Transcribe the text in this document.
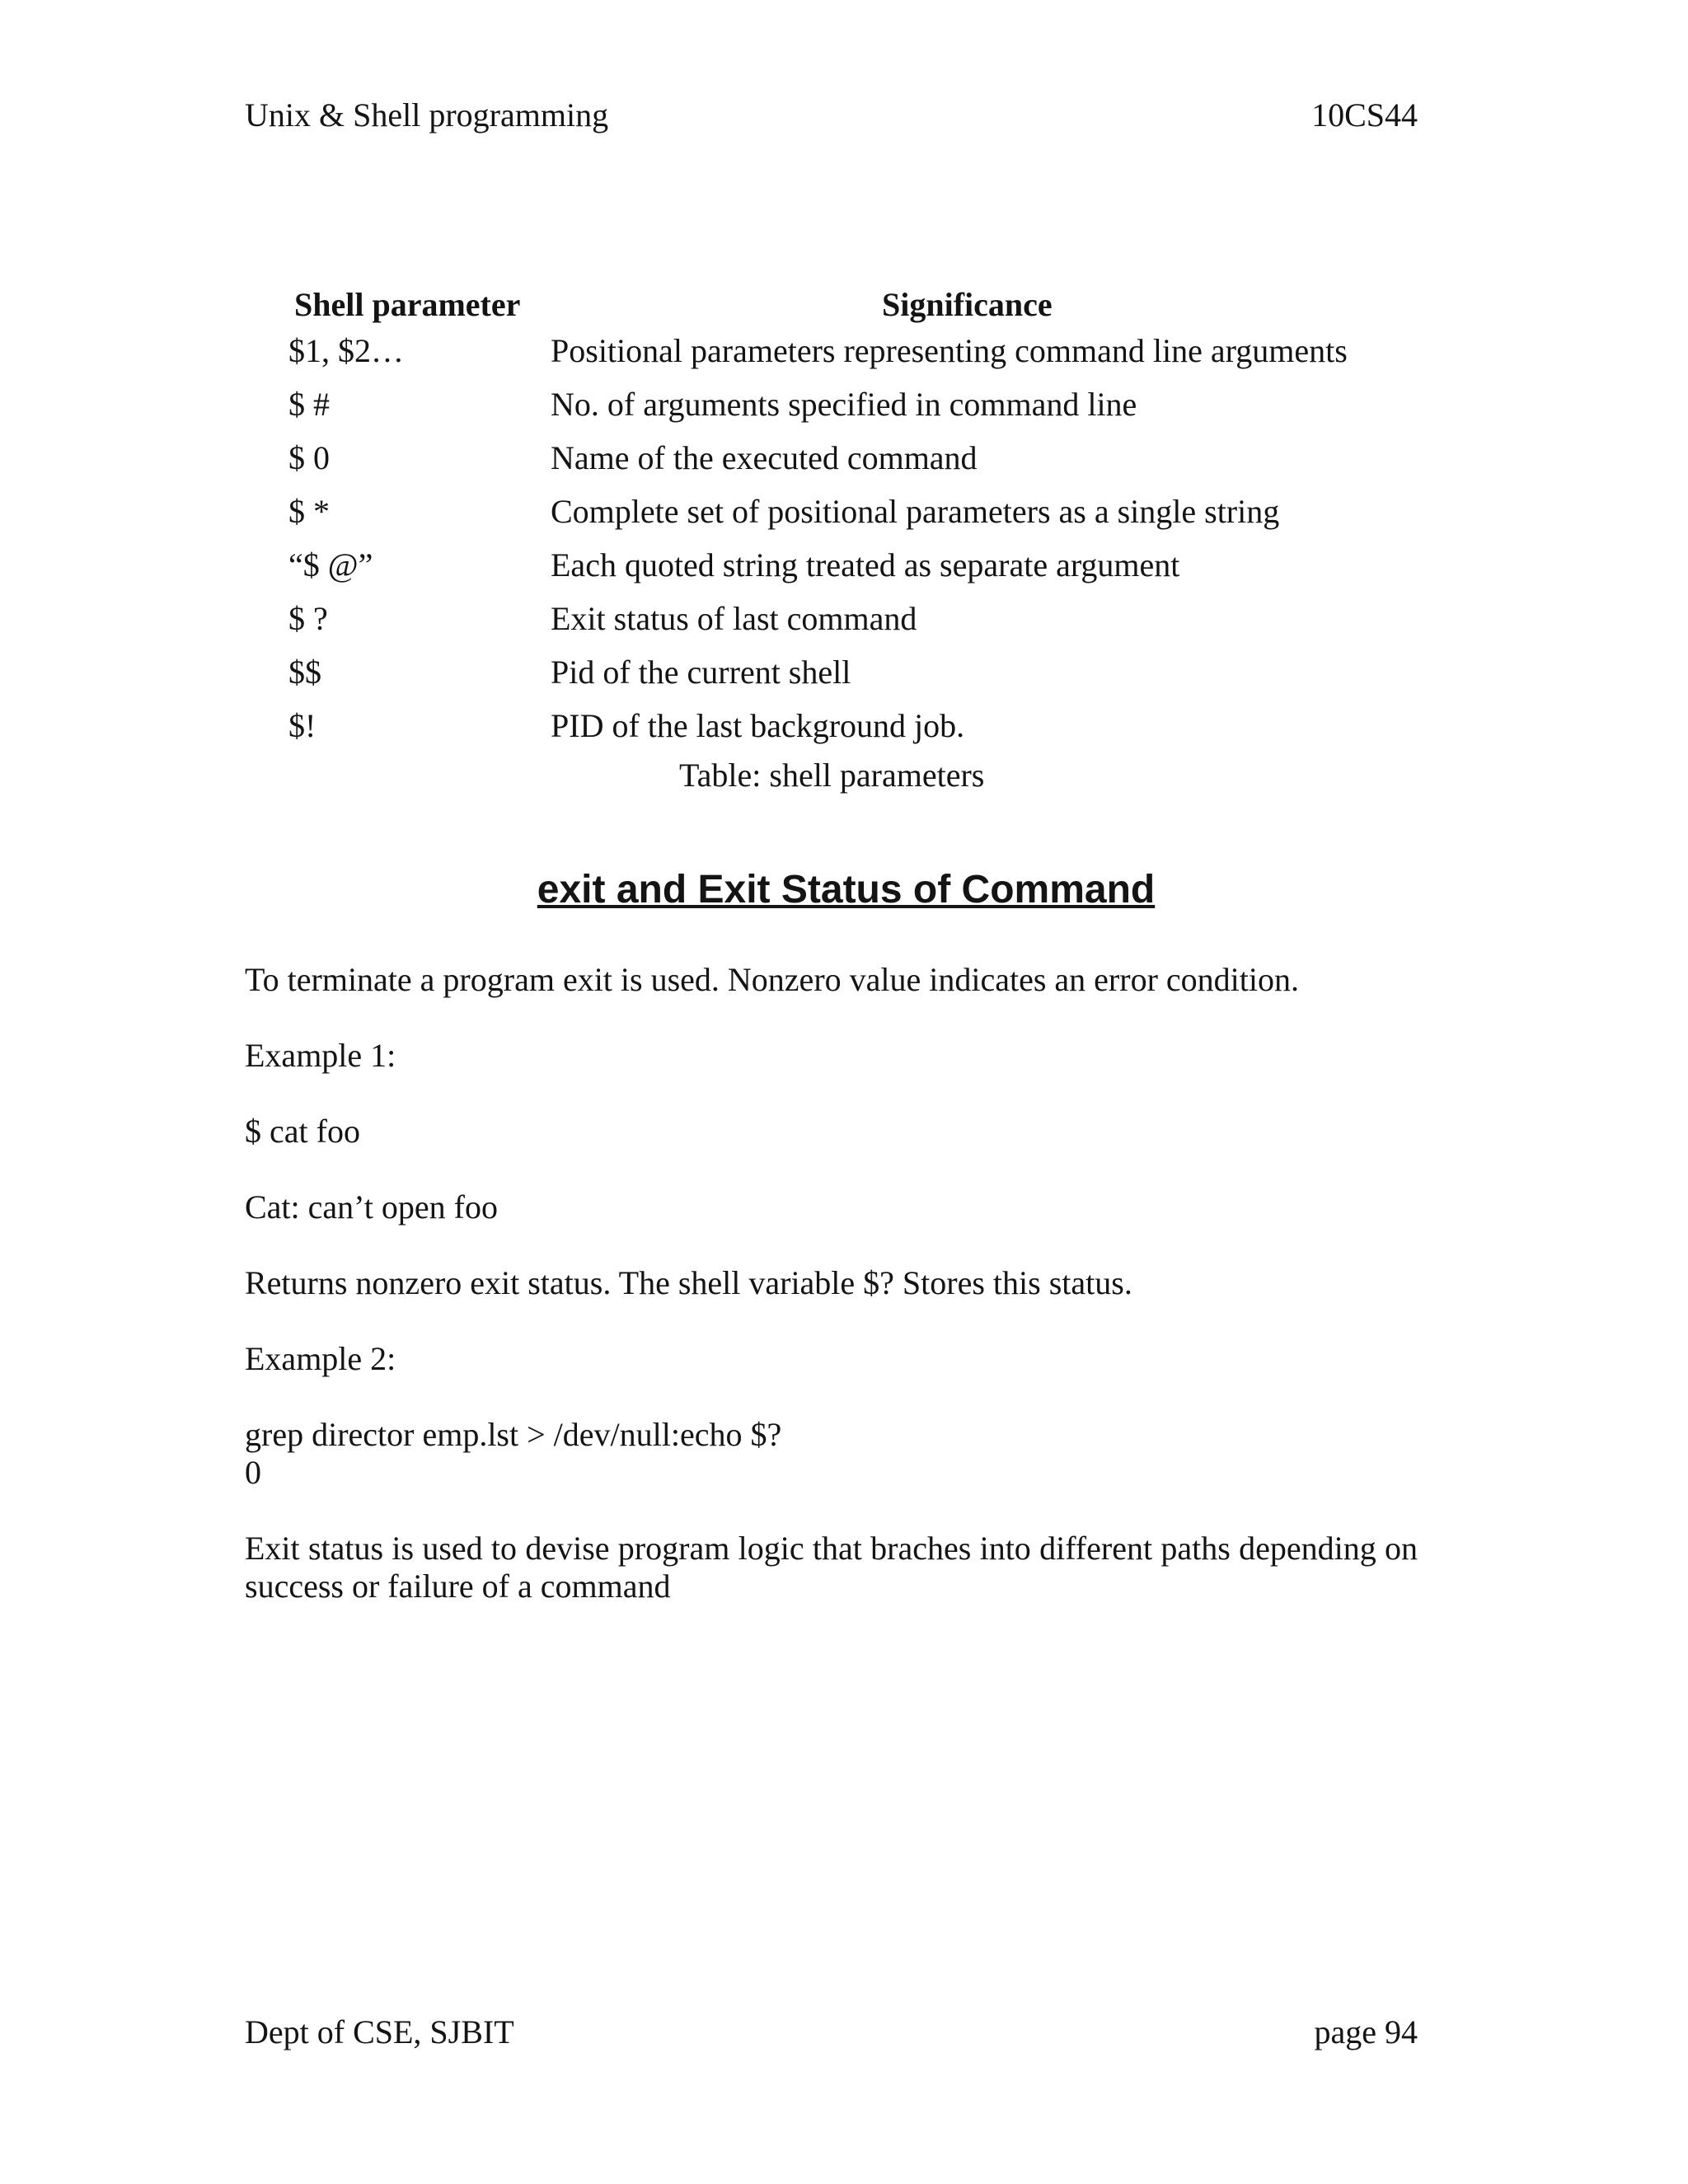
Unix & Shell programming	10CS44
Shell parameter	Significance
$1, $2…	Positional parameters representing command line arguments
$ #	No. of arguments specified in command line
$ 0	Name of the executed command
$ *	Complete set of positional parameters as a single string
“$ @”	Each quoted string treated as separate argument
$ ?	Exit status of last command
$$	Pid of the current shell
$!	PID of the last background job.
Table: shell parameters
exit and Exit Status of Command
To terminate a program exit is used. Nonzero value indicates an error condition.
Example 1:
$ cat foo
Cat: can’t open foo
Returns nonzero exit status. The shell variable $? Stores this status.
Example 2:
grep director emp.lst > /dev/null:echo $?
0
Exit status is used to devise program logic that braches into different paths depending on success or failure of a command
Dept of CSE, SJBIT	page 94
